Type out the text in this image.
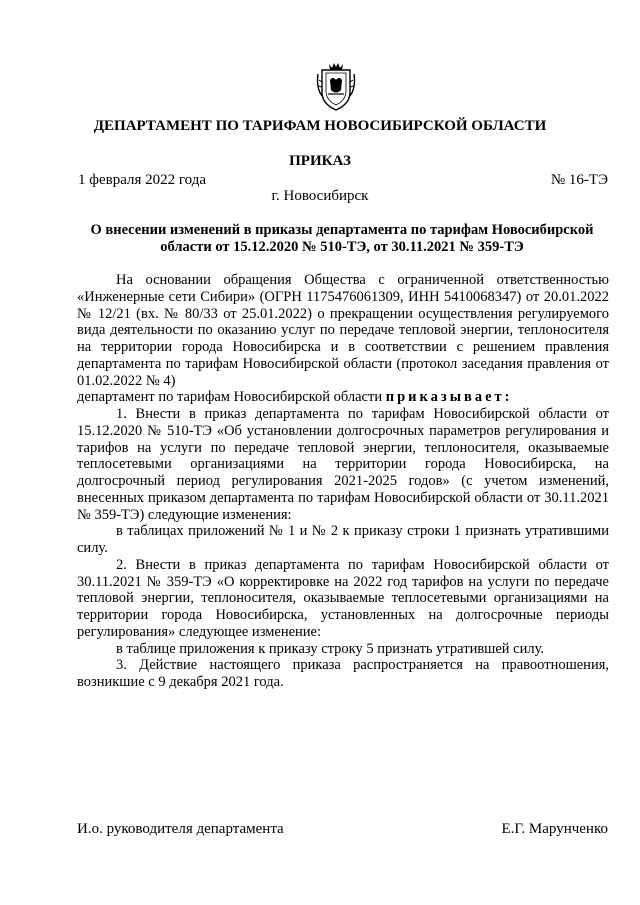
ДЕПАРТАМЕНТ ПО ТАРИФАМ НОВОСИБИРСКОЙ ОБЛАСТИ
ПРИКАЗ
1 февраля 2022 года	№ 16-ТЭ
г. Новосибирск
О внесении изменений в приказы департамента по тарифам Новосибирской области от 15.12.2020 № 510-ТЭ, от 30.11.2021 № 359-ТЭ

На основании обращения Общества с ограниченной ответственностью «Инженерные сети Сибири» (ОГРН 1175476061309, ИНН 5410068347) от 20.01.2022 № 12/21 (вх. № 80/33 от 25.01.2022) о прекращении осуществления регулируемого вида деятельности по оказанию услуг по передаче тепловой энергии, теплоносителя на территории города Новосибирска и в соответствии с решением правления департамента по тарифам Новосибирской области (протокол заседания правления от 01.02.2022 № 4)

департамент по тарифам Новосибирской области приказывает:

1. Внести в приказ департамента по тарифам Новосибирской области от 15.12.2020 № 510-ТЭ «Об установлении долгосрочных параметров регулирования и тарифов на услуги по передаче тепловой энергии, теплоносителя, оказываемые теплосетевыми организациями на территории города Новосибирска, на долгосрочный период регулирования 2021-2025 годов» (с учетом изменений, внесенных приказом департамента по тарифам Новосибирской области от 30.11.2021 № 359-ТЭ) следующие изменения:

в таблицах приложений № 1 и № 2 к приказу строки 1 признать утратившими силу.

2. Внести в приказ департамента по тарифам Новосибирской области от 30.11.2021 № 359-ТЭ «О корректировке на 2022 год тарифов на услуги по передаче тепловой энергии, теплоносителя, оказываемые теплосетевыми организациями на территории города Новосибирска, установленных на долгосрочные периоды регулирования» следующее изменение:

в таблице приложения к приказу строку 5 признать утратившей силу.

3. Действие настоящего приказа распространяется на правоотношения, возникшие с 9 декабря 2021 года.

И.о. руководителя департамента	Е.Г. Марунченко
